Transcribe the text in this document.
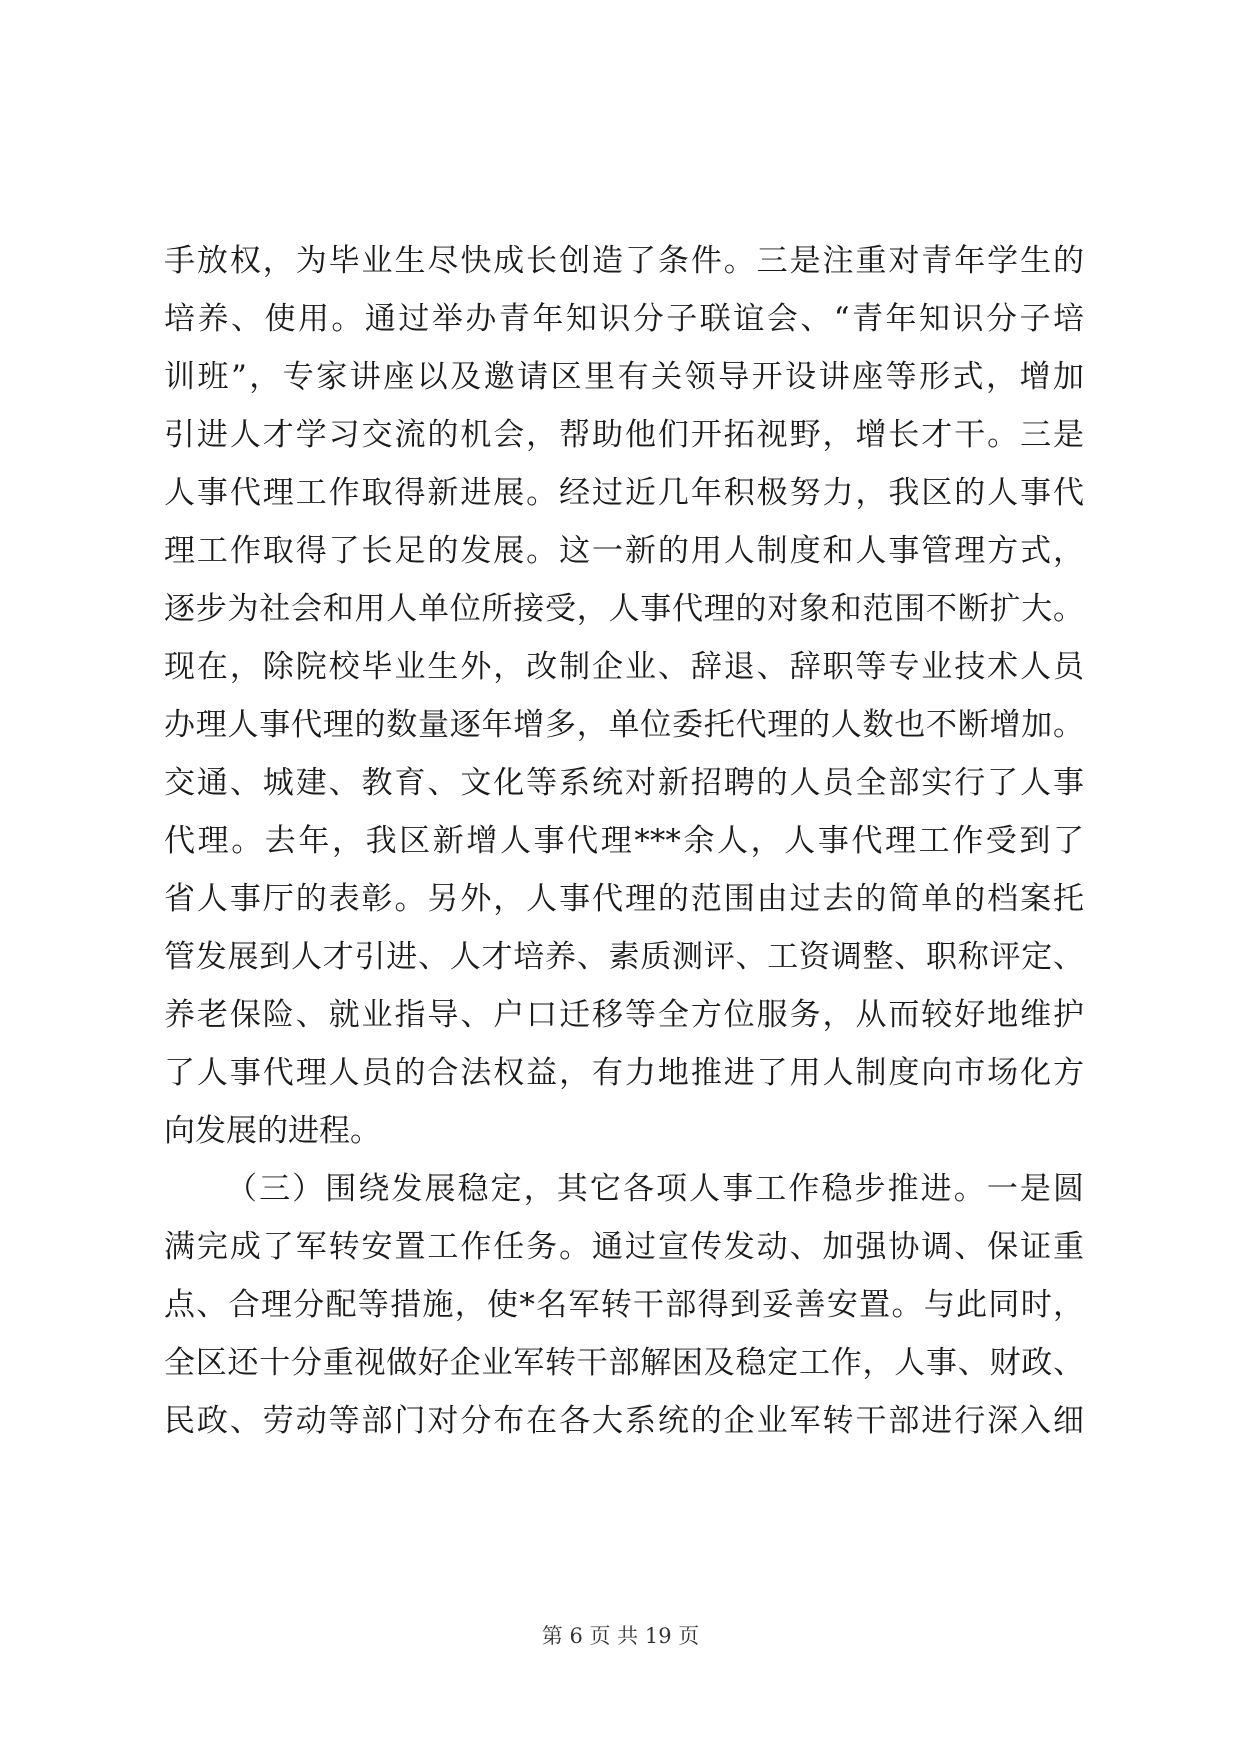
手放权，为毕业生尽快成长创造了条件。三是注重对青年学生的
培养、使用。通过举办青年知识分子联谊会、“青年知识分子培
训班”，专家讲座以及邀请区里有关领导开设讲座等形式，增加
引进人才学习交流的机会，帮助他们开拓视野，增长才干。三是
人事代理工作取得新进展。经过近几年积极努力，我区的人事代
理工作取得了长足的发展。这一新的用人制度和人事管理方式，
逐步为社会和用人单位所接受，人事代理的对象和范围不断扩大。
现在，除院校毕业生外，改制企业、辞退、辞职等专业技术人员
办理人事代理的数量逐年增多，单位委托代理的人数也不断增加。
交通、城建、教育、文化等系统对新招聘的人员全部实行了人事
代理。去年，我区新增人事代理***余人，人事代理工作受到了
省人事厅的表彰。另外，人事代理的范围由过去的简单的档案托
管发展到人才引进、人才培养、素质测评、工资调整、职称评定、
养老保险、就业指导、户口迁移等全方位服务，从而较好地维护
了人事代理人员的合法权益，有力地推进了用人制度向市场化方
向发展的进程。
（三）围绕发展稳定，其它各项人事工作稳步推进。一是圆
满完成了军转安置工作任务。通过宣传发动、加强协调、保证重
点、合理分配等措施，使*名军转干部得到妥善安置。与此同时，
全区还十分重视做好企业军转干部解困及稳定工作，人事、财政、
民政、劳动等部门对分布在各大系统的企业军转干部进行深入细
第 6 页 共 19 页
